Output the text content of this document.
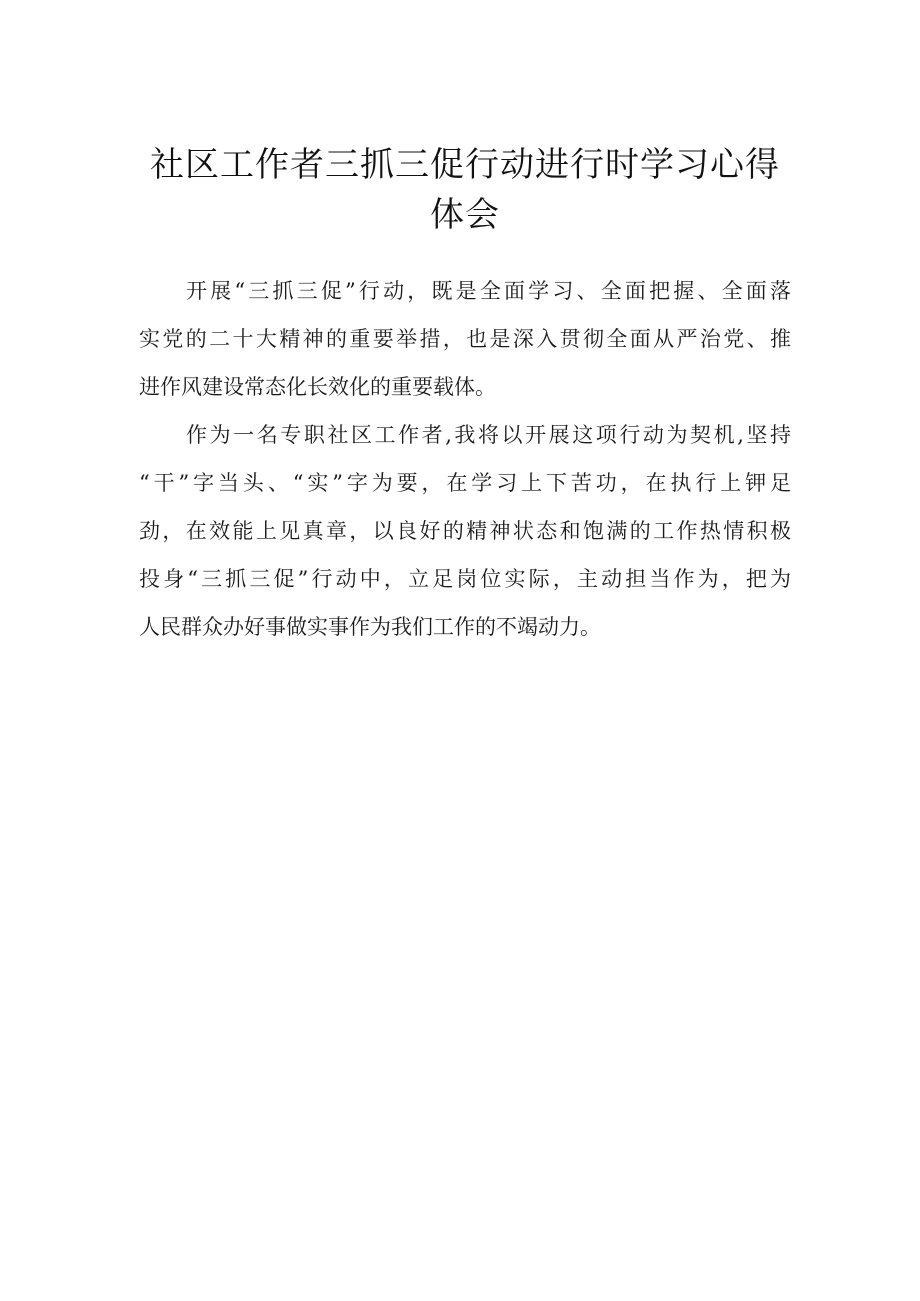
社区工作者三抓三促行动进行时学习心得
体会

开展“三抓三促”行动，既是全面学习、全面把握、全面落
实党的二十大精神的重要举措，也是深入贯彻全面从严治党、推
进作风建设常态化长效化的重要载体。

作为一名专职社区工作者,我将以开展这项行动为契机,坚持
“干”字当头、“实”字为要，在学习上下苦功，在执行上钾足
劲，在效能上见真章，以良好的精神状态和饱满的工作热情积极
投身“三抓三促”行动中，立足岗位实际，主动担当作为，把为
人民群众办好事做实事作为我们工作的不竭动力。
